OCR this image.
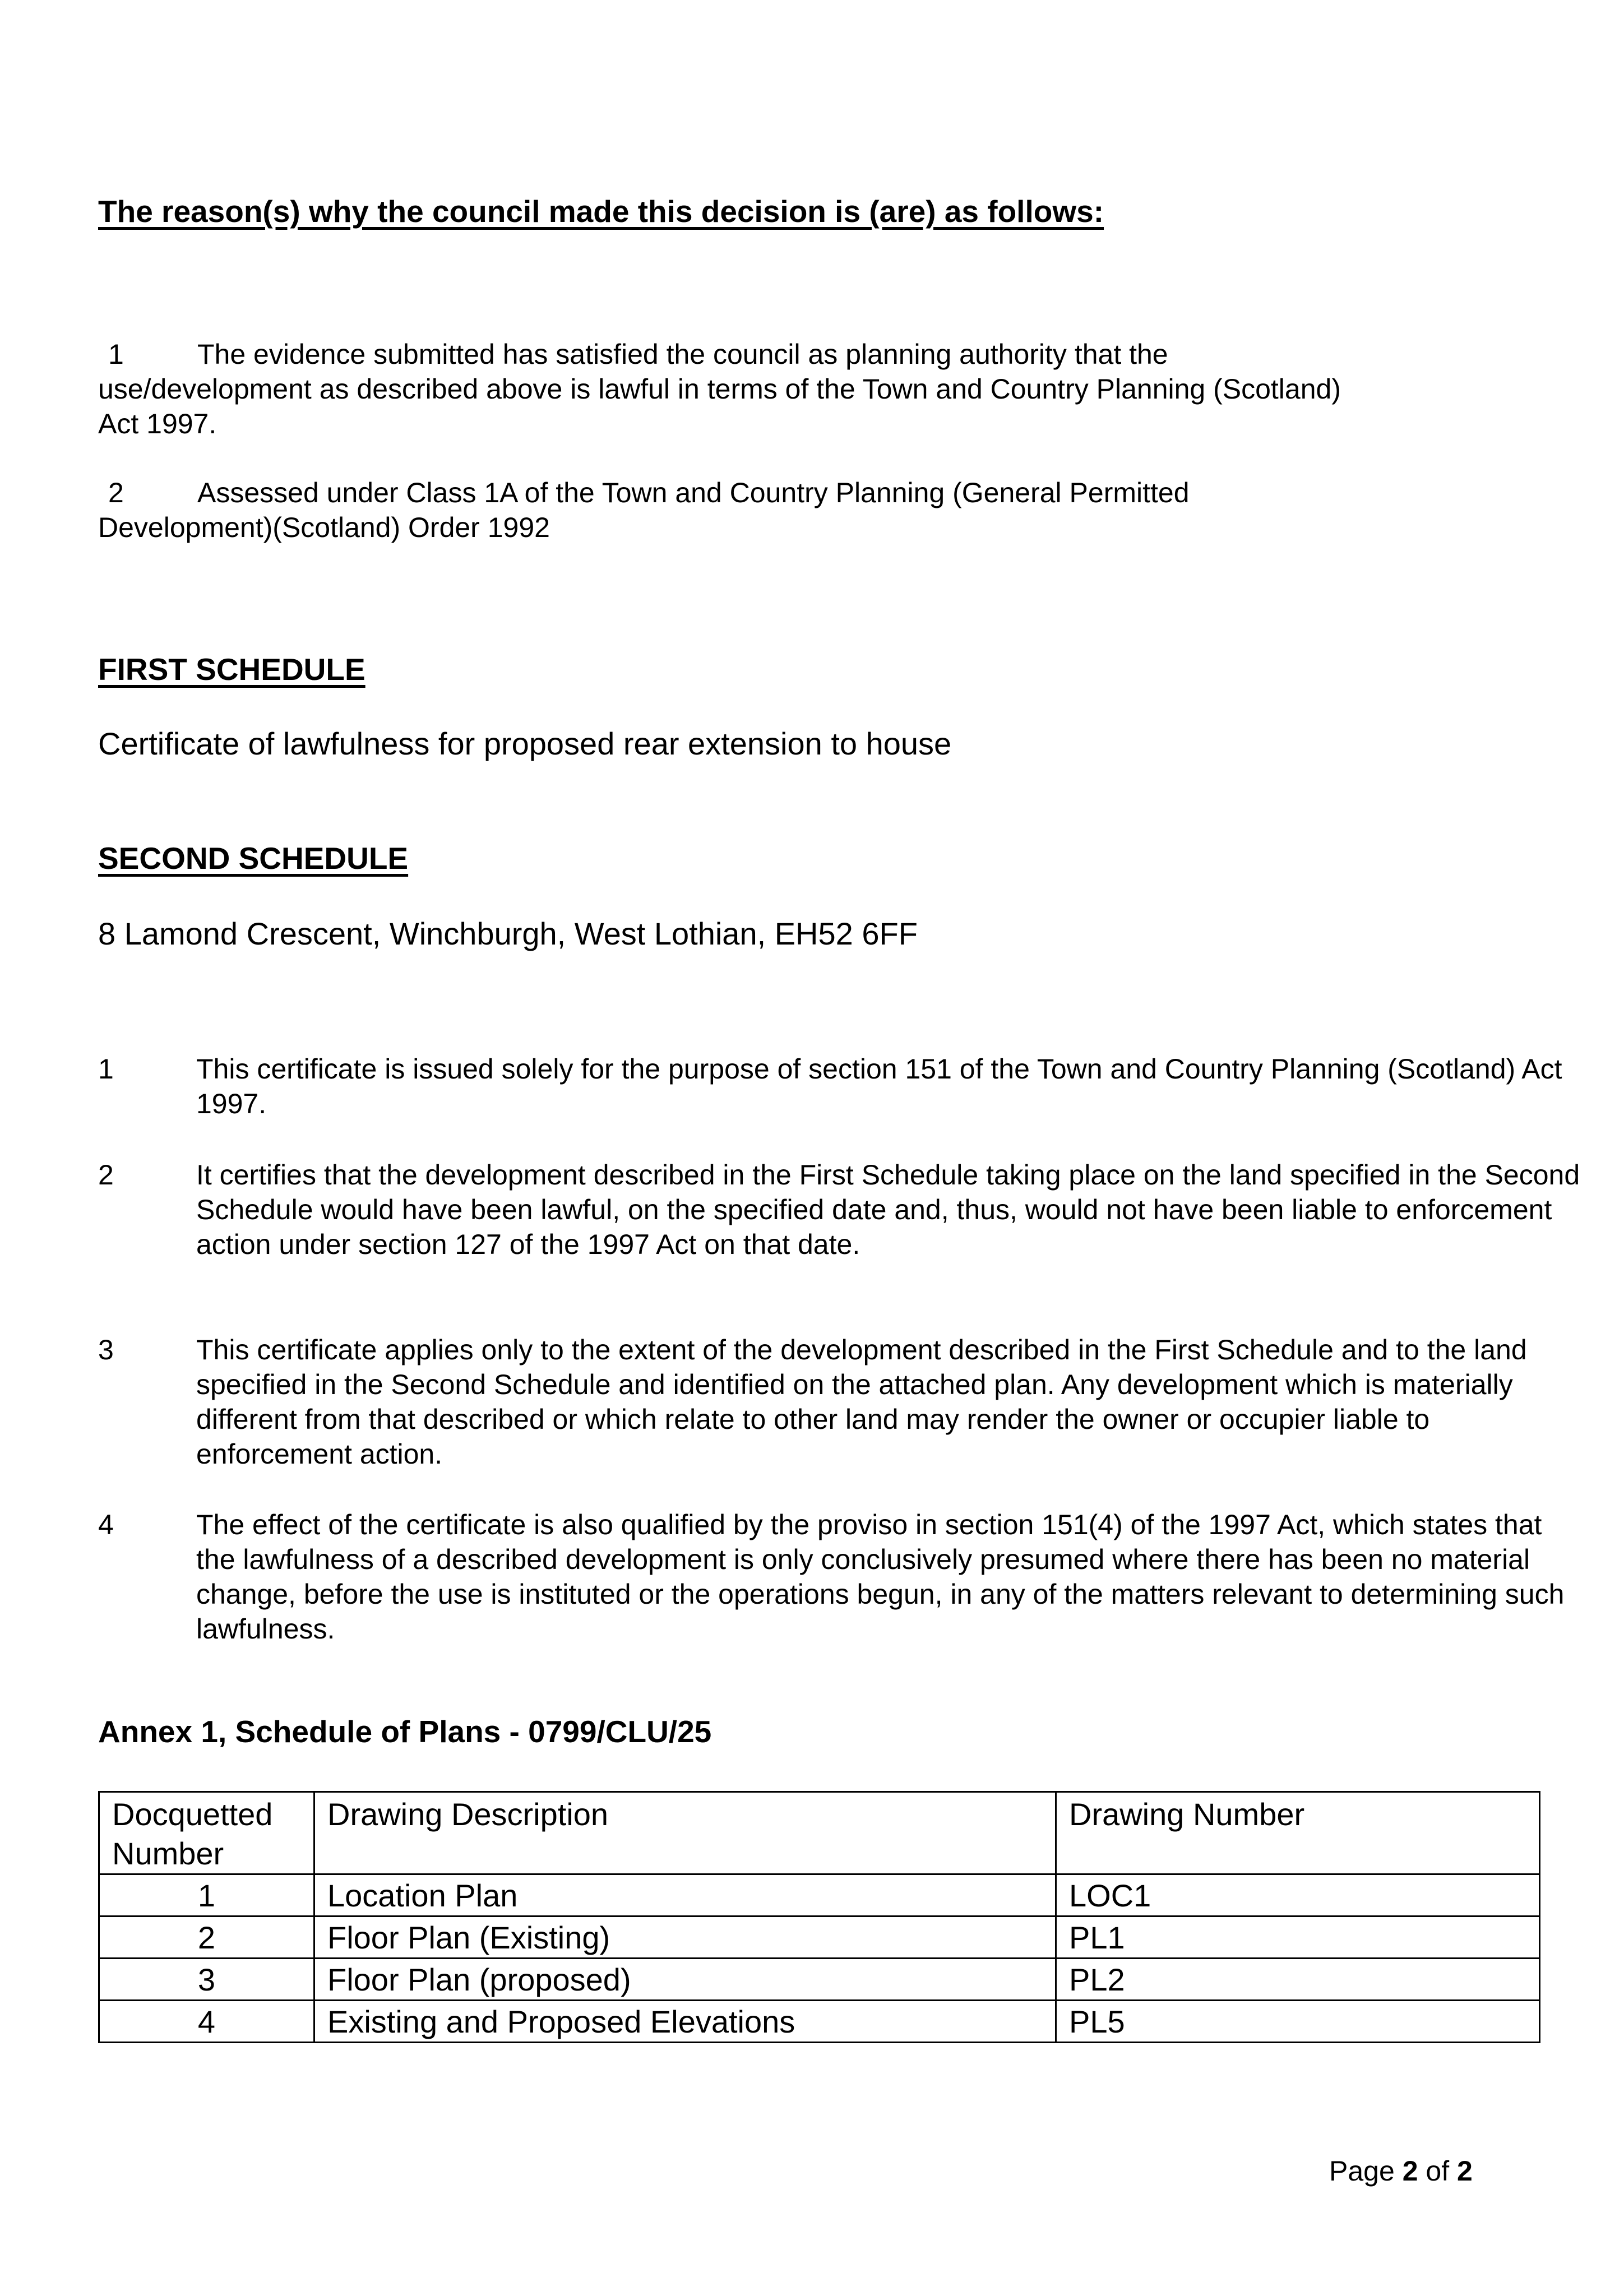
The reason(s) why the council made this decision is (are) as follows:

1	The evidence submitted has satisfied the council as planning authority that the
use/development as described above is lawful in terms of the Town and Country Planning (Scotland)
Act 1997.
2	Assessed under Class 1A of the Town and Country Planning (General Permitted
Development)(Scotland) Order 1992

FIRST SCHEDULE

Certificate of lawfulness for proposed rear extension to house

SECOND SCHEDULE

8 Lamond Crescent, Winchburgh, West Lothian, EH52 6FF

1	This certificate is issued solely for the purpose of section 151 of the Town and Country Planning (Scotland) Act 1997.
2	It certifies that the development described in the First Schedule taking place on the land specified in the Second Schedule would have been lawful, on the specified date and, thus, would not have been liable to enforcement action under section 127 of the 1997 Act on that date.
3	This certificate applies only to the extent of the development described in the First Schedule and to the land specified in the Second Schedule and identified on the attached plan. Any development which is materially different from that described or which relate to other land may render the owner or occupier liable to enforcement action.
4	The effect of the certificate is also qualified by the proviso in section 151(4) of the 1997 Act, which states that the lawfulness of a described development is only conclusively presumed where there has been no material change, before the use is instituted or the operations begun, in any of the matters relevant to determining such lawfulness.

Annex 1, Schedule of Plans - 0799/CLU/25

Docquetted Number	Drawing Description	Drawing Number
1	Location Plan	LOC1
2	Floor Plan (Existing)	PL1
3	Floor Plan (proposed)	PL2
4	Existing and Proposed Elevations	PL5

Page 2 of 2
